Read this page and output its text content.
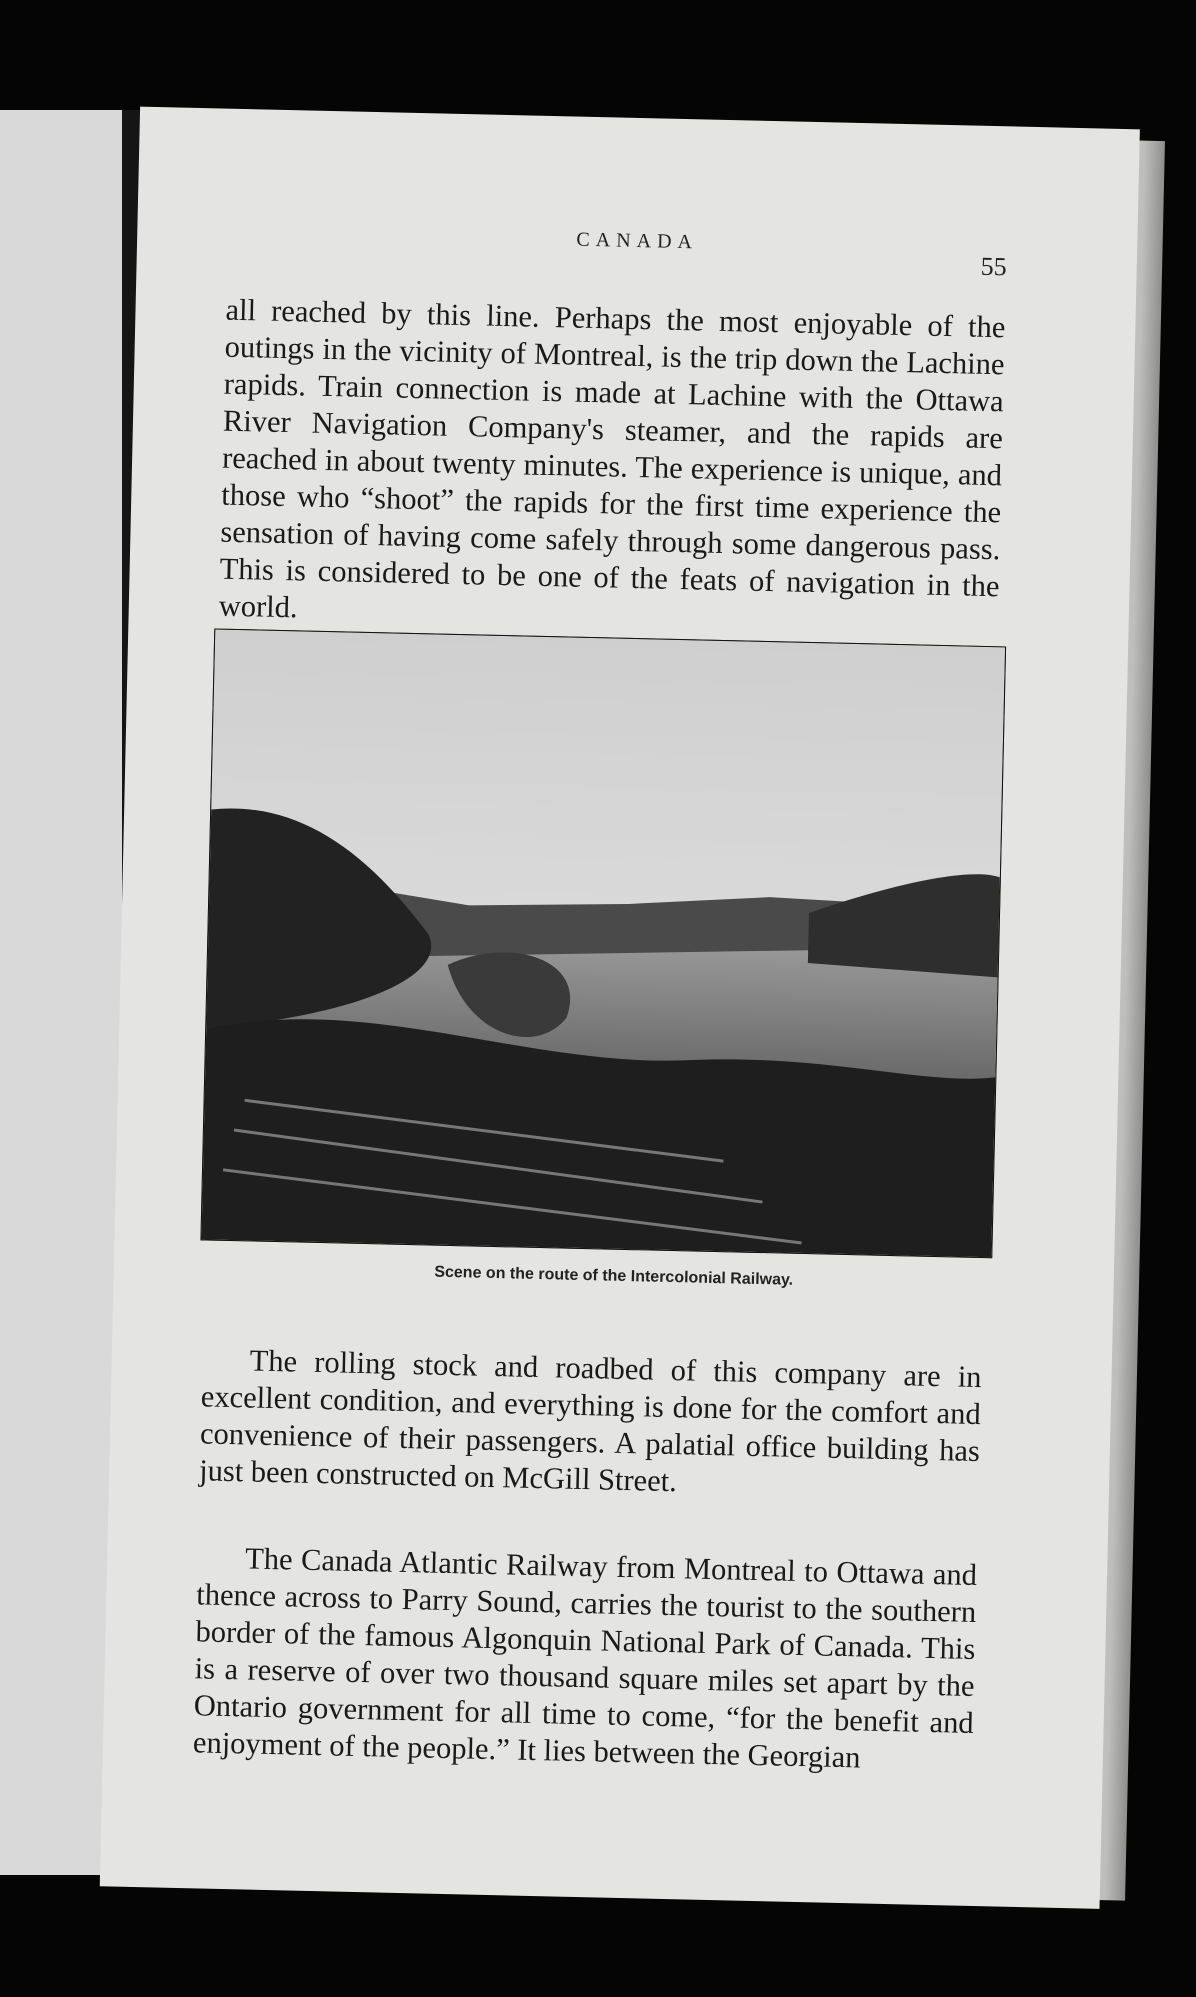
CANADA
55

all reached by this line. Perhaps the most enjoyable of the outings in the vicinity of Montreal, is the trip down the Lachine rapids. Train connection is made at Lachine with the Ottawa River Navigation Company's steamer, and the rapids are reached in about twenty minutes. The experience is unique, and those who “shoot” the rapids for the first time experience the sensation of having come safely through some dangerous pass. This is considered to be one of the feats of navigation in the world.

Scene on the route of the Intercolonial Railway.

The rolling stock and roadbed of this company are in excellent condition, and everything is done for the comfort and convenience of their passengers. A palatial office building has just been constructed on McGill Street.

The Canada Atlantic Railway from Montreal to Ottawa and thence across to Parry Sound, carries the tourist to the southern border of the famous Algonquin National Park of Canada. This is a reserve of over two thousand square miles set apart by the Ontario government for all time to come, “for the benefit and enjoyment of the people.” It lies between the Georgian
